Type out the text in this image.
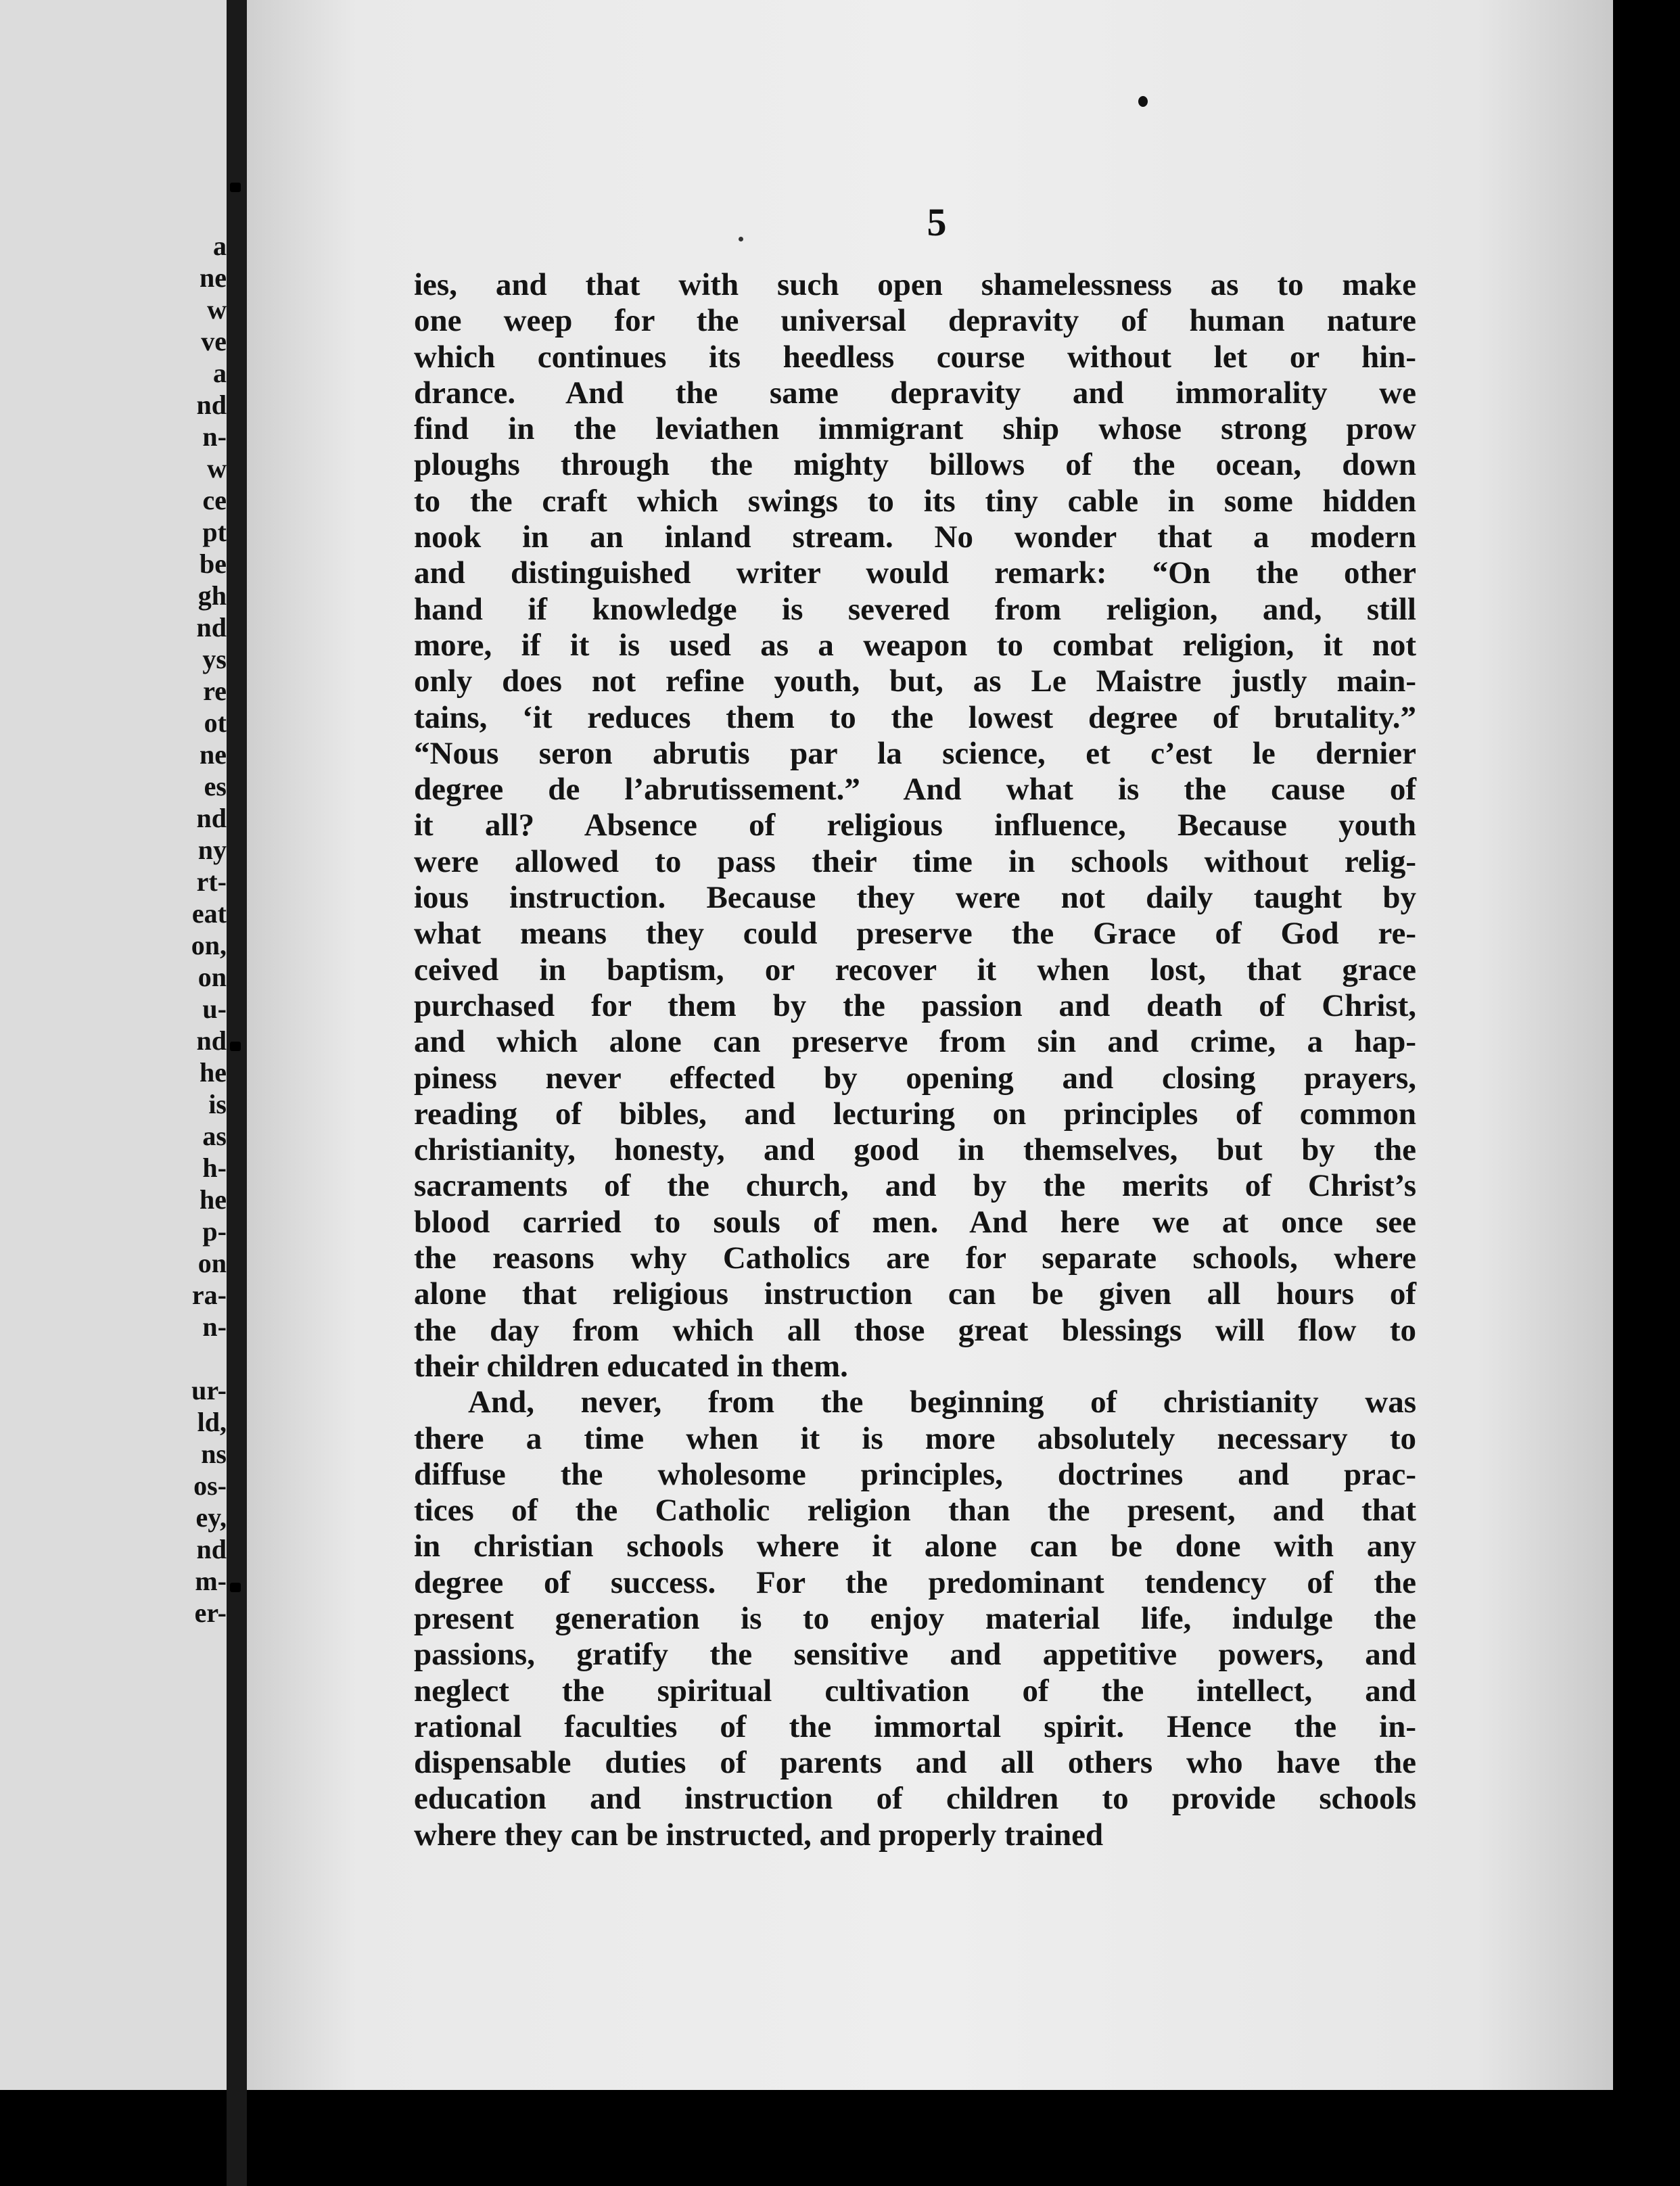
a
ne
w
ve
a
nd
n-
w
ce
pt
be
gh
nd
ys
re
ot
ne
es
nd
ny
rt-
eat
on,
on
u-
nd
he
is
as
h-
he
p-
on
ra-
n-
ur-
ld,
ns
os-
ey,
nd
m-
er-
5
ies, and that with such open shamelessness as to make
one weep for the universal depravity of human nature
which continues its heedless course without let or hin-
drance. And the same depravity and immorality we
find in the leviathen immigrant ship whose strong prow
ploughs through the mighty billows of the ocean, down
to the craft which swings to its tiny cable in some hidden
nook in an inland stream. No wonder that a modern
and distinguished writer would remark: “On the other
hand if knowledge is severed from religion, and, still
more, if it is used as a weapon to combat religion, it not
only does not refine youth, but, as Le Maistre justly main-
tains, ‘it reduces them to the lowest degree of brutality.”
“Nous seron abrutis par la science, et c’est le dernier
degree de l’abrutissement.” And what is the cause of
it all? Absence of religious influence, Because youth
were allowed to pass their time in schools without relig-
ious instruction. Because they were not daily taught by
what means they could preserve the Grace of God re-
ceived in baptism, or recover it when lost, that grace
purchased for them by the passion and death of Christ,
and which alone can preserve from sin and crime, a hap-
piness never effected by opening and closing prayers,
reading of bibles, and lecturing on principles of common
christianity, honesty, and good in themselves, but by the
sacraments of the church, and by the merits of Christ’s
blood carried to souls of men. And here we at once see
the reasons why Catholics are for separate schools, where
alone that religious instruction can be given all hours of
the day from which all those great blessings will flow to
their children educated in them.
And, never, from the beginning of christianity was
there a time when it is more absolutely necessary to
diffuse the wholesome principles, doctrines and prac-
tices of the Catholic religion than the present, and that
in christian schools where it alone can be done with any
degree of success. For the predominant tendency of the
present generation is to enjoy material life, indulge the
passions, gratify the sensitive and appetitive powers, and
neglect the spiritual cultivation of the intellect, and
rational faculties of the immortal spirit. Hence the in-
dispensable duties of parents and all others who have the
education and instruction of children to provide schools
where they can be instructed, and properly trained
